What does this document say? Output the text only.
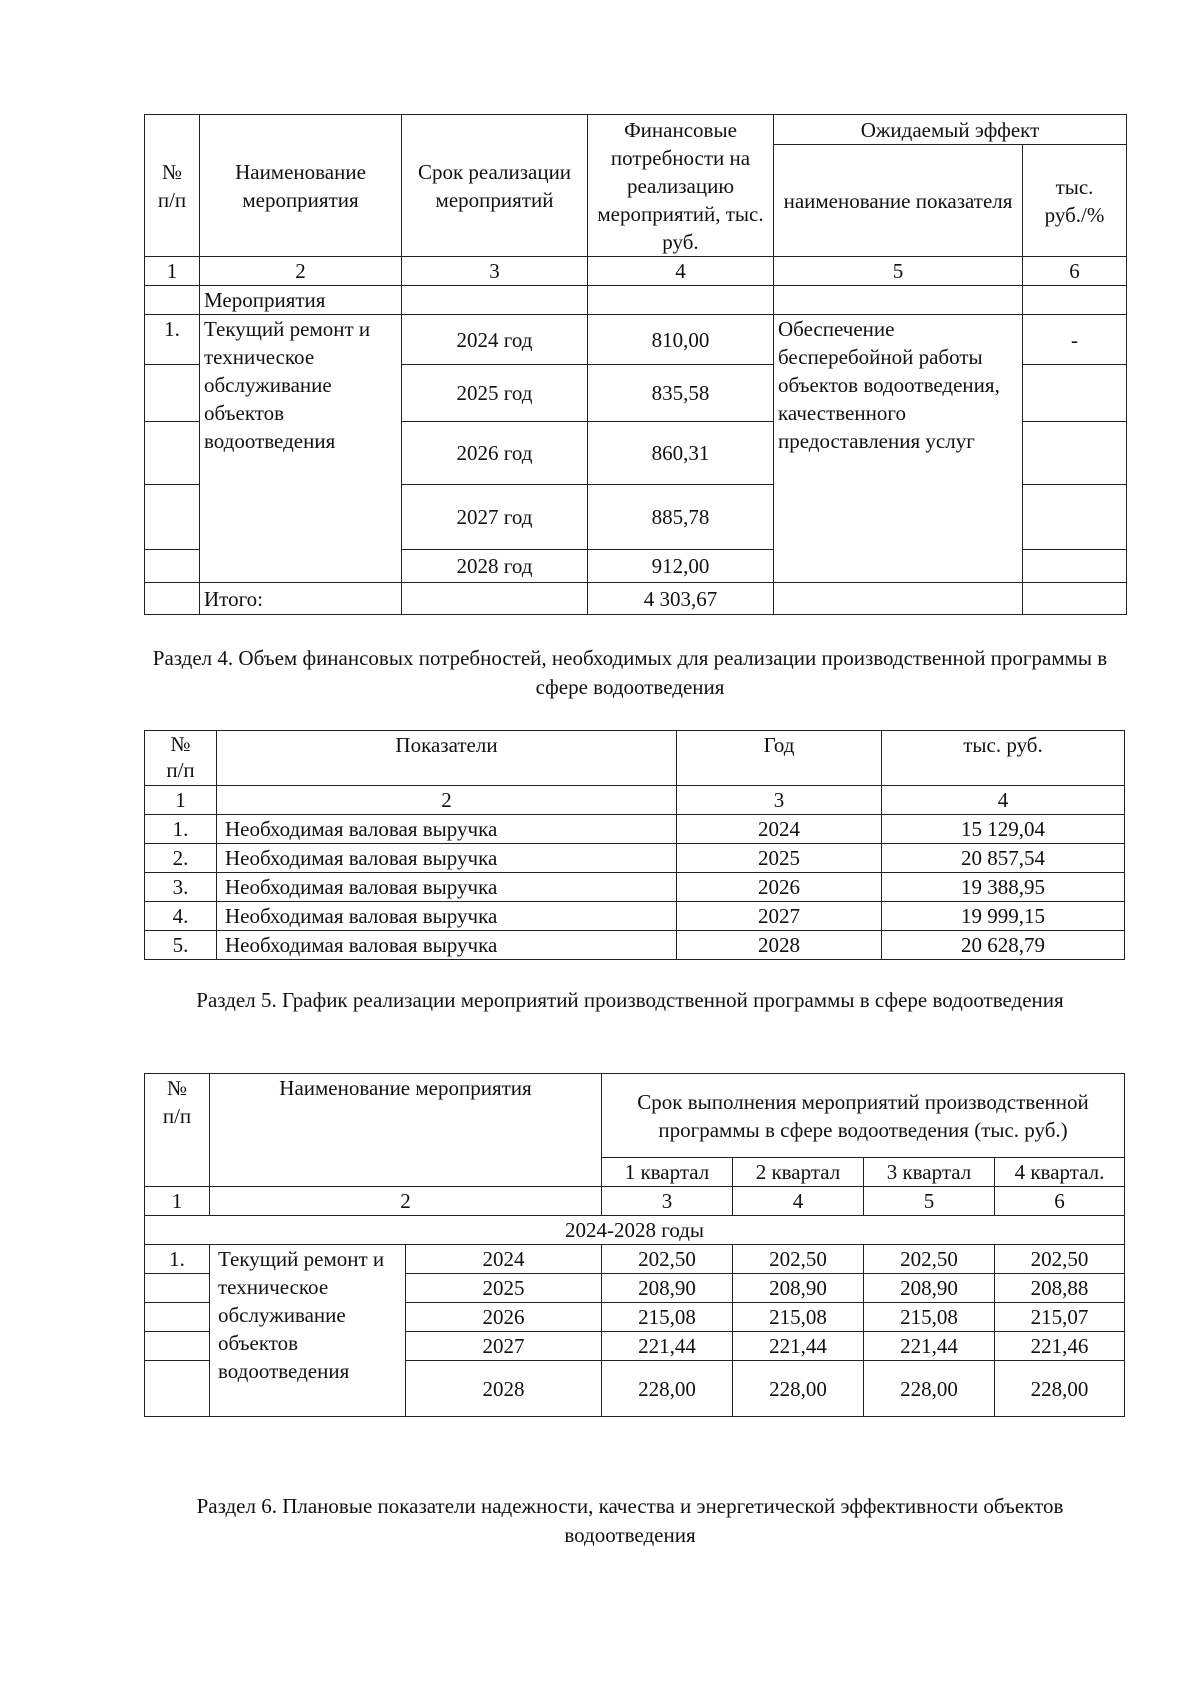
№
п/п	Наименование мероприятия	Срок реализации мероприятий	Финансовые потребности на реализацию мероприятий, тыс. руб.	Ожидаемый эффект	
				наименование показателя	тыс. руб./%
1	2	3	4	5	6
	Мероприятия				
1.	Текущий ремонт и техническое обслуживание объектов водоотведения	2024 год	810,00	Обеспечение бесперебойной работы объектов водоотведения, качественного предоставления услуг	-
		2025 год	835,58		
		2026 год	860,31		
		2027 год	885,78		
		2028 год	912,00		
	Итого:		4 303,67		
Раздел 4. Объем финансовых потребностей, необходимых для реализации производственной программы в сфере водоотведения
№
п/п	Показатели	Год	тыс. руб.
1	2	3	4
1.	Необходимая валовая выручка	2024	15 129,04
2.	Необходимая валовая выручка	2025	20 857,54
3.	Необходимая валовая выручка	2026	19 388,95
4.	Необходимая валовая выручка	2027	19 999,15
5.	Необходимая валовая выручка	2028	20 628,79
Раздел 5. График реализации мероприятий производственной программы в сфере водоотведения
№
п/п	Наименование мероприятия		Срок выполнения мероприятий производственной программы в сфере водоотведения (тыс. руб.)			
			1 квартал	2 квартал	3 квартал	4 квартал.
1	2		3	4	5	6
2024-2028 годы						
1.	Текущий ремонт и техническое обслуживание объектов водоотведения	2024	202,50	202,50	202,50	202,50
		2025	208,90	208,90	208,90	208,88
		2026	215,08	215,08	215,08	215,07
		2027	221,44	221,44	221,44	221,46
		2028	228,00	228,00	228,00	228,00
Раздел 6. Плановые показатели надежности, качества и энергетической эффективности объектов водоотведения
